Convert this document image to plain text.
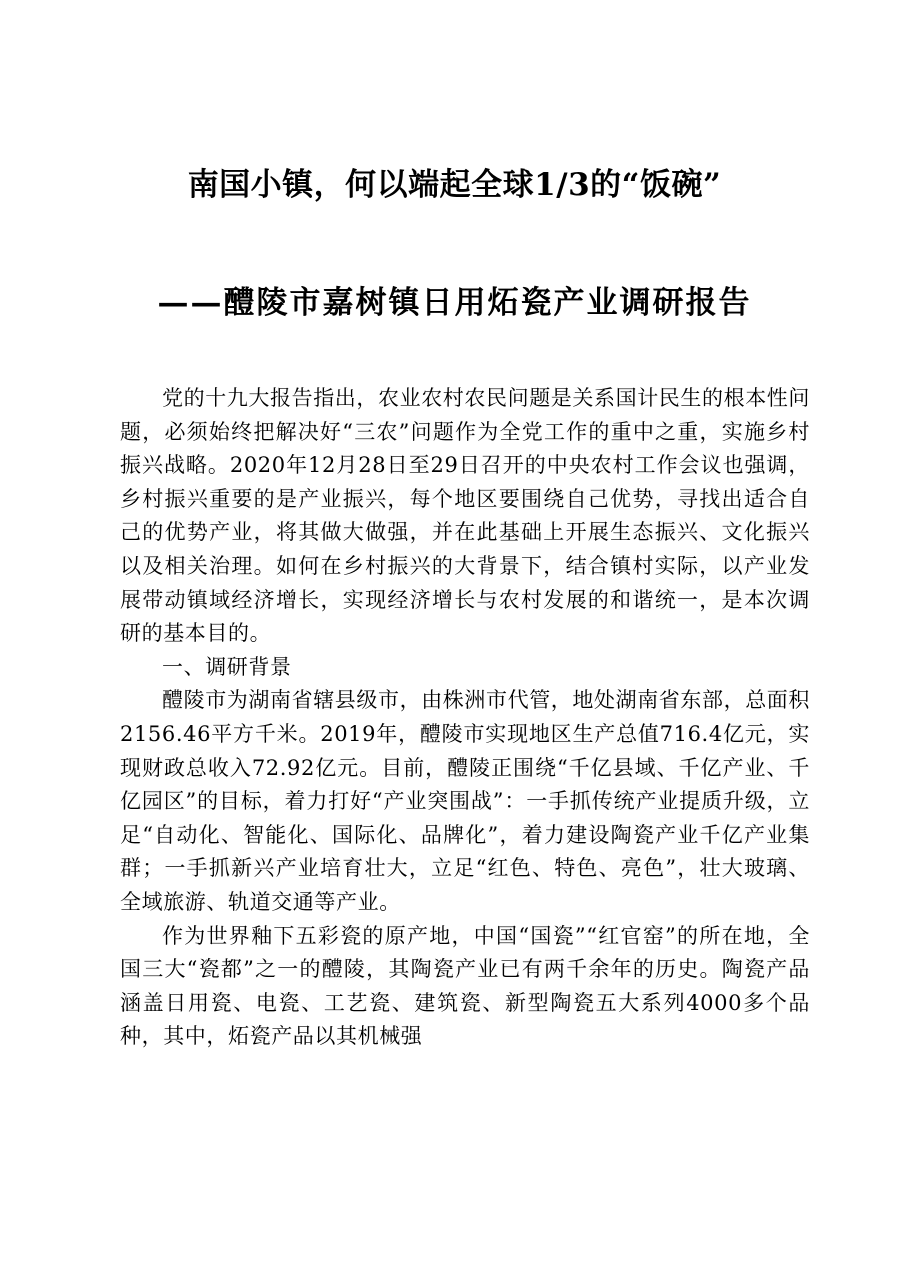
南国小镇，何以端起全球1/3的“饭碗”
——醴陵市嘉树镇日用炻瓷产业调研报告

党的十九大报告指出，农业农村农民问题是关系国计民生的根本性问题，必须始终把解决好“三农”问题作为全党工作的重中之重，实施乡村振兴战略。2020年12月28日至29日召开的中央农村工作会议也强调，乡村振兴重要的是产业振兴，每个地区要围绕自己优势，寻找出适合自己的优势产业，将其做大做强，并在此基础上开展生态振兴、文化振兴以及相关治理。如何在乡村振兴的大背景下，结合镇村实际，以产业发展带动镇域经济增长，实现经济增长与农村发展的和谐统一，是本次调研的基本目的。

一、调研背景

醴陵市为湖南省辖县级市，由株洲市代管，地处湖南省东部，总面积2156.46平方千米。2019年，醴陵市实现地区生产总值716.4亿元，实现财政总收入72.92亿元。目前，醴陵正围绕“千亿县域、千亿产业、千亿园区”的目标，着力打好“产业突围战”：一手抓传统产业提质升级，立足“自动化、智能化、国际化、品牌化”，着力建设陶瓷产业千亿产业集群；一手抓新兴产业培育壮大，立足“红色、特色、亮色”，壮大玻璃、全域旅游、轨道交通等产业。

作为世界釉下五彩瓷的原产地，中国“国瓷”“红官窑”的所在地，全国三大“瓷都”之一的醴陵，其陶瓷产业已有两千余年的历史。陶瓷产品涵盖日用瓷、电瓷、工艺瓷、建筑瓷、新型陶瓷五大系列4000多个品种，其中，炻瓷产品以其机械强
